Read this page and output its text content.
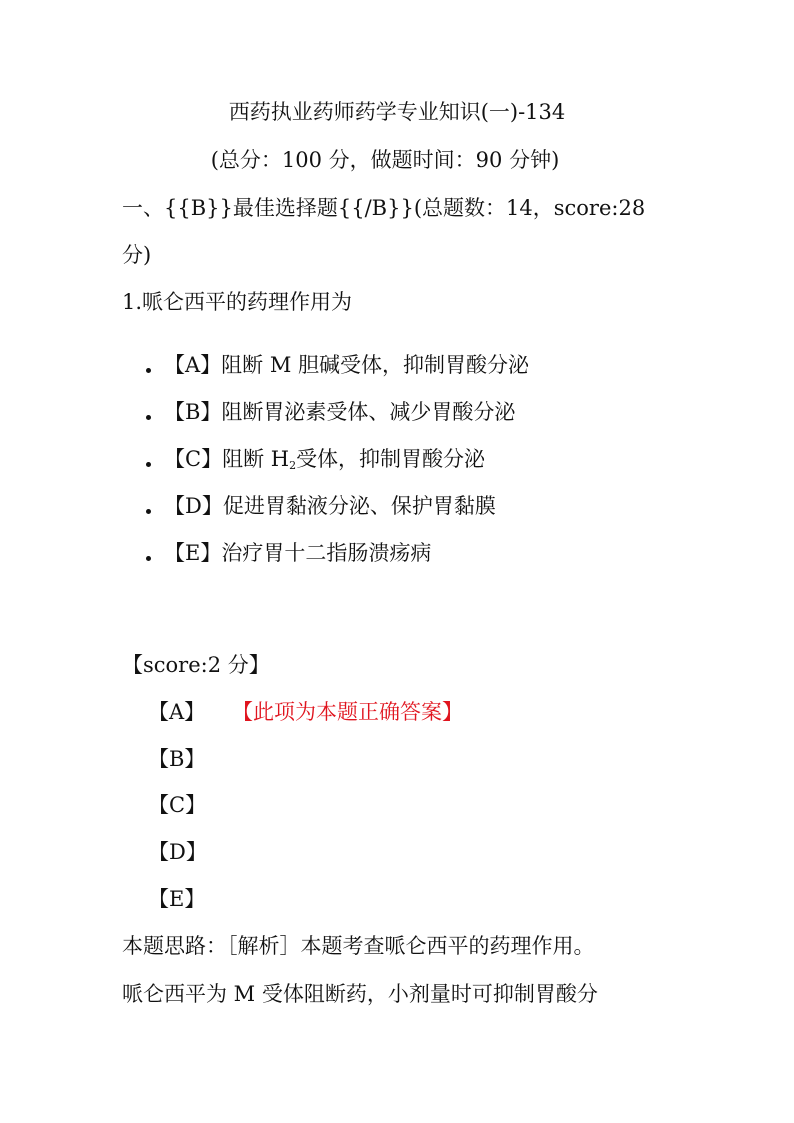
西药执业药师药学专业知识(一)-134
(总分：100 分，做题时间：90 分钟)
一、{{B}}最佳选择题{{/B}}(总题数：14，score:28
分)
1.哌仑西平的药理作用为
【A】阻断 M 胆碱受体，抑制胃酸分泌
【B】阻断胃泌素受体、减少胃酸分泌
【C】阻断 $H_2$受体，抑制胃酸分泌
【D】促进胃黏液分泌、保护胃黏膜
【E】治疗胃十二指肠溃疡病
【score:2 分】
【A】 【此项为本题正确答案】
【B】
【C】
【D】
【E】
本题思路：［解析］本题考查哌仑西平的药理作用。
哌仑西平为 M 受体阻断药，小剂量时可抑制胃酸分
